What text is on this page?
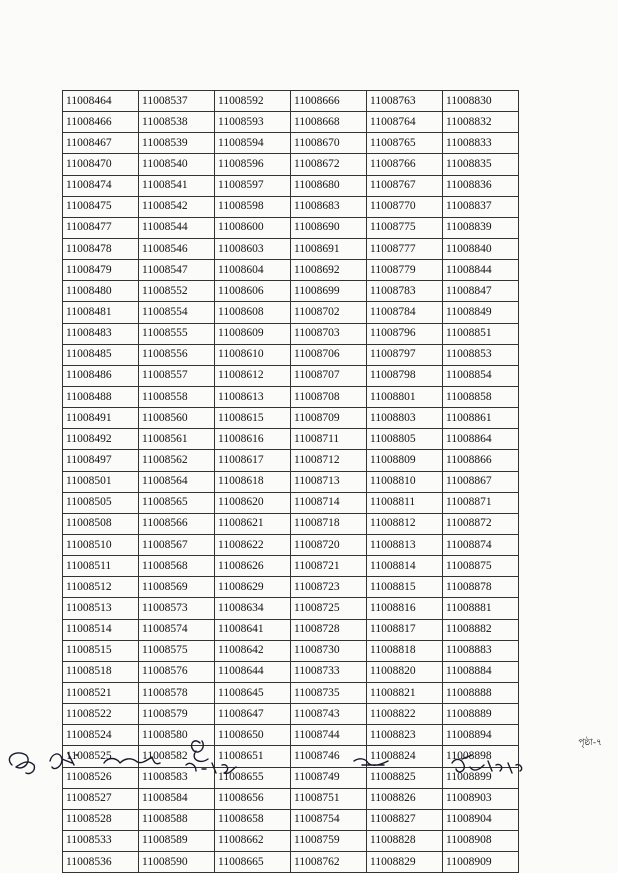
11008464	11008537	11008592	11008666	11008763	11008830
11008466	11008538	11008593	11008668	11008764	11008832
11008467	11008539	11008594	11008670	11008765	11008833
11008470	11008540	11008596	11008672	11008766	11008835
11008474	11008541	11008597	11008680	11008767	11008836
11008475	11008542	11008598	11008683	11008770	11008837
11008477	11008544	11008600	11008690	11008775	11008839
11008478	11008546	11008603	11008691	11008777	11008840
11008479	11008547	11008604	11008692	11008779	11008844
11008480	11008552	11008606	11008699	11008783	11008847
11008481	11008554	11008608	11008702	11008784	11008849
11008483	11008555	11008609	11008703	11008796	11008851
11008485	11008556	11008610	11008706	11008797	11008853
11008486	11008557	11008612	11008707	11008798	11008854
11008488	11008558	11008613	11008708	11008801	11008858
11008491	11008560	11008615	11008709	11008803	11008861
11008492	11008561	11008616	11008711	11008805	11008864
11008497	11008562	11008617	11008712	11008809	11008866
11008501	11008564	11008618	11008713	11008810	11008867
11008505	11008565	11008620	11008714	11008811	11008871
11008508	11008566	11008621	11008718	11008812	11008872
11008510	11008567	11008622	11008720	11008813	11008874
11008511	11008568	11008626	11008721	11008814	11008875
11008512	11008569	11008629	11008723	11008815	11008878
11008513	11008573	11008634	11008725	11008816	11008881
11008514	11008574	11008641	11008728	11008817	11008882
11008515	11008575	11008642	11008730	11008818	11008883
11008518	11008576	11008644	11008733	11008820	11008884
11008521	11008578	11008645	11008735	11008821	11008888
11008522	11008579	11008647	11008743	11008822	11008889
11008524	11008580	11008650	11008744	11008823	11008894
11008525	11008582	11008651	11008746	11008824	11008898
11008526	11008583	11008655	11008749	11008825	11008899
11008527	11008584	11008656	11008751	11008826	11008903
11008528	11008588	11008658	11008754	11008827	11008904
11008533	11008589	11008662	11008759	11008828	11008908
11008536	11008590	11008665	11008762	11008829	11008909
পৃষ্ঠা-৭
